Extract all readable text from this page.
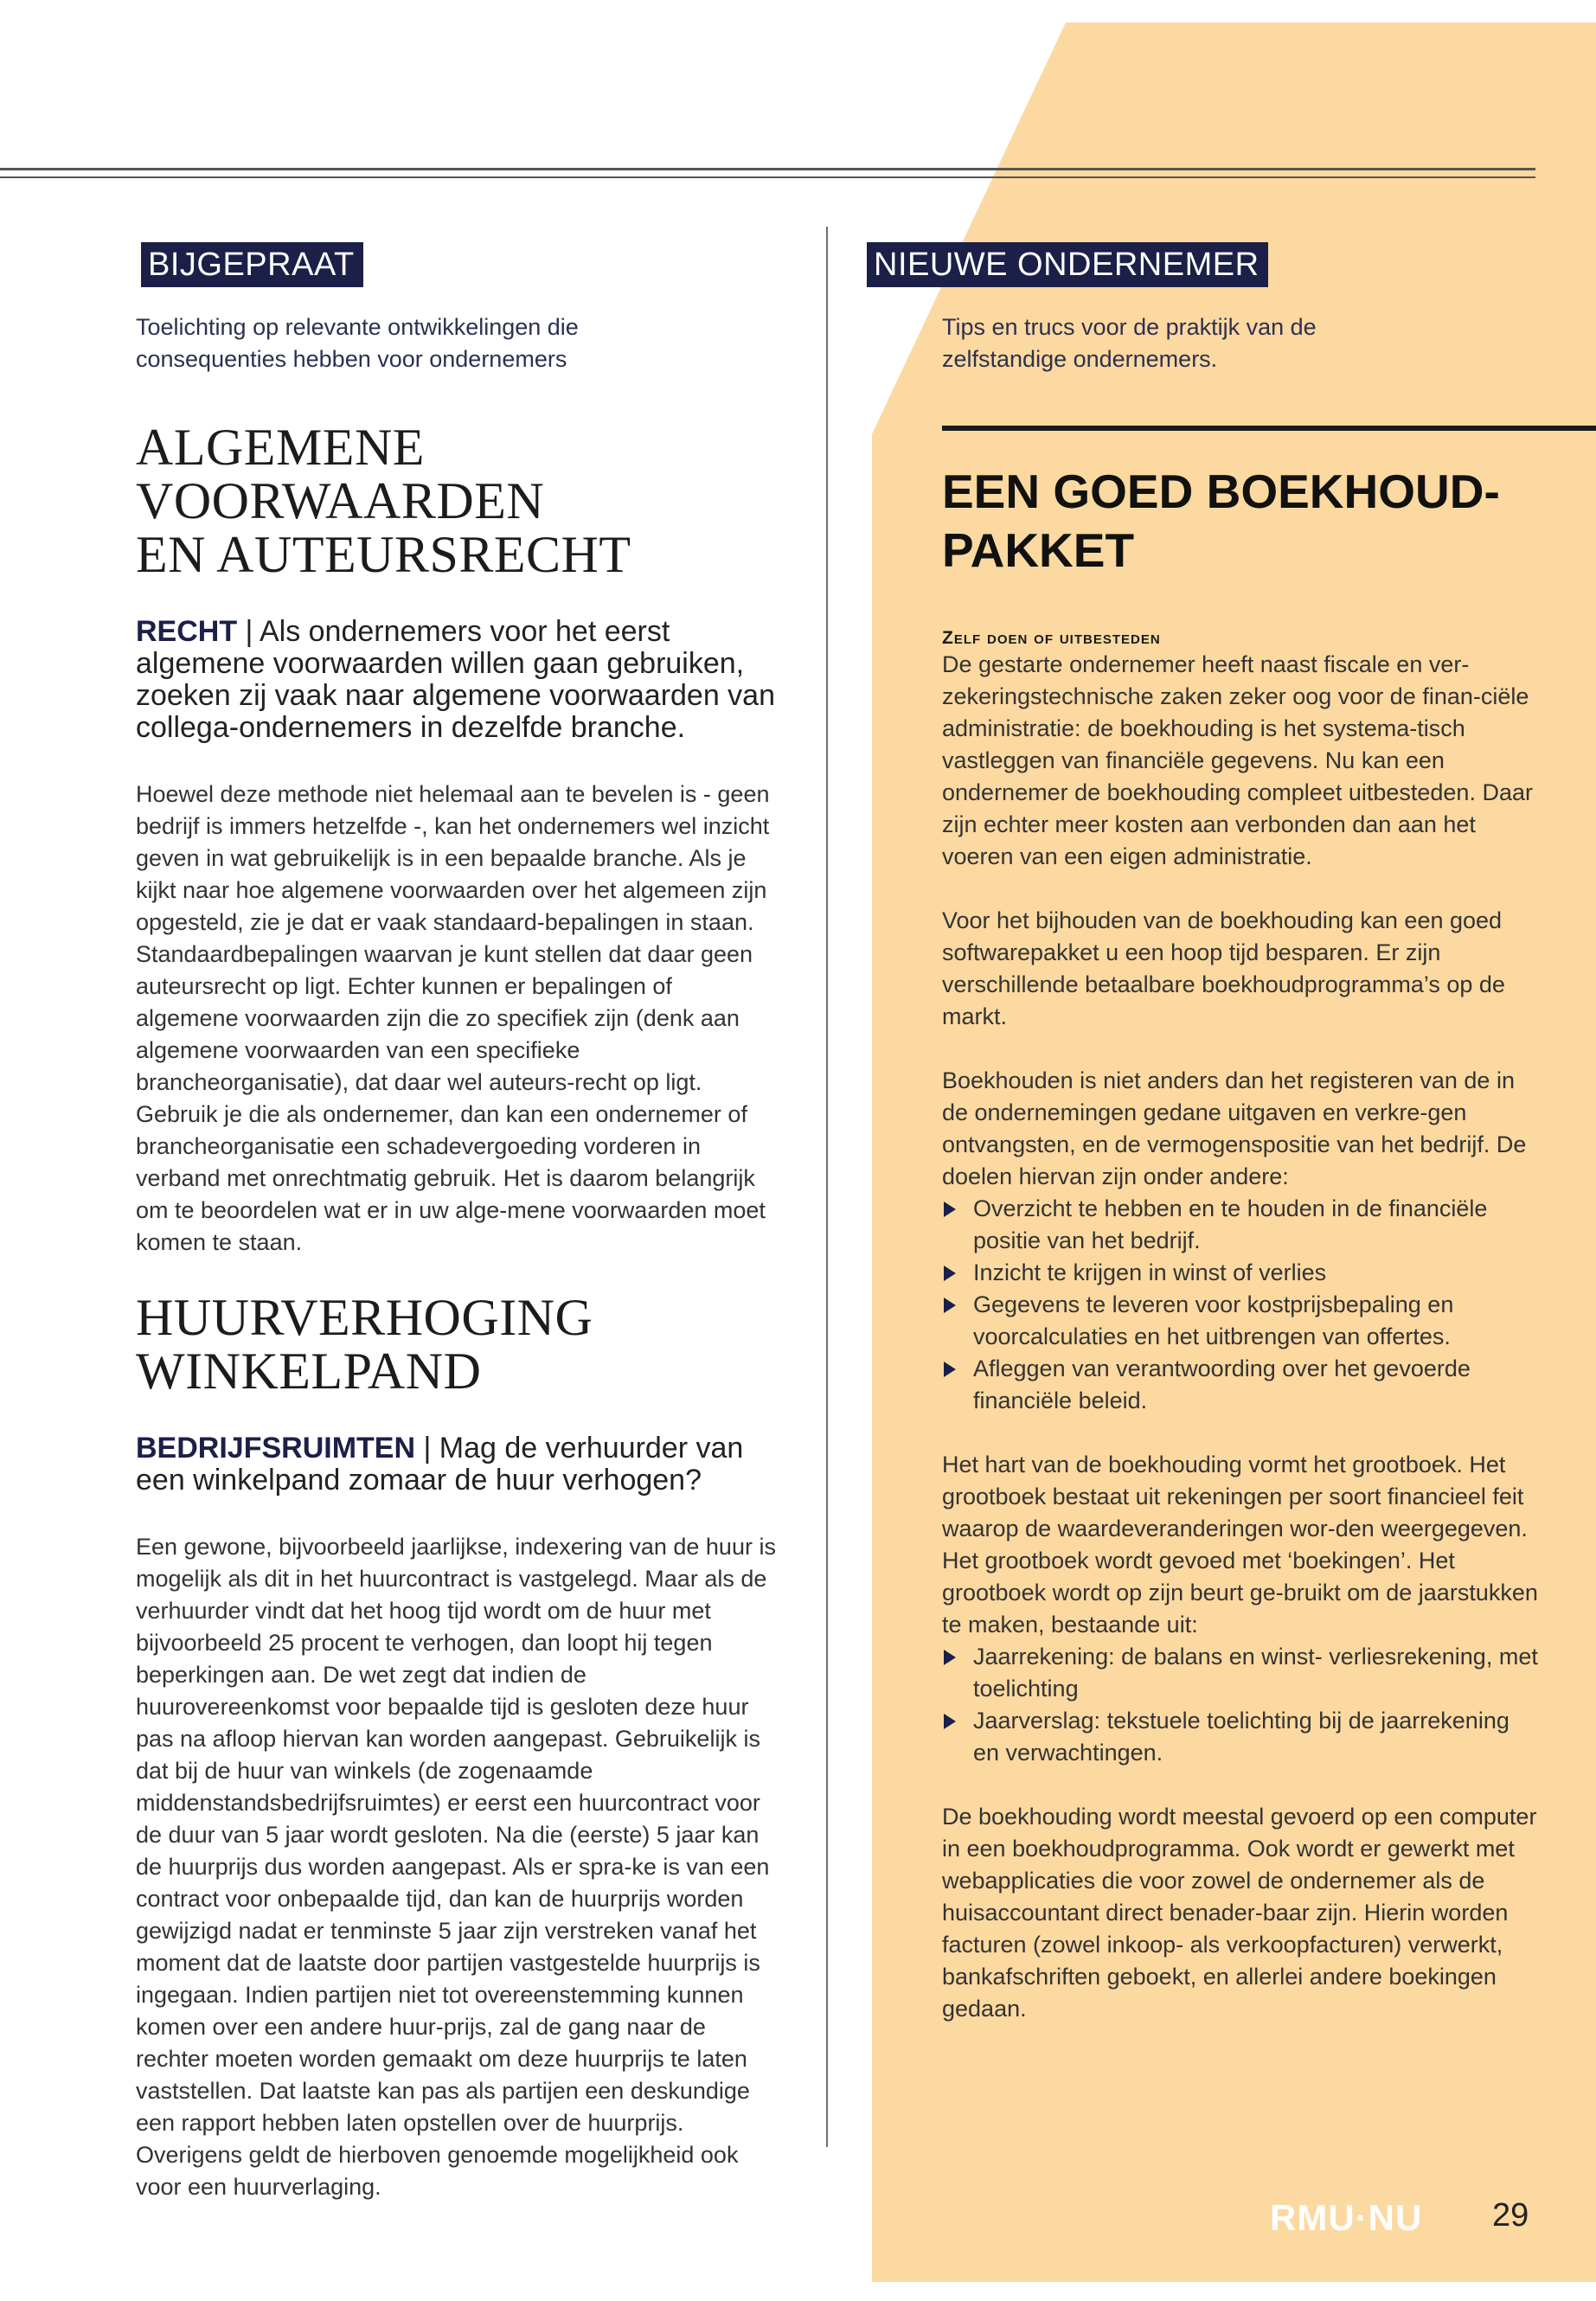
BIJGEPRAAT
Toelichting op relevante ontwikkelingen die
consequenties hebben voor ondernemers
ALGEMENE VOORWAARDEN
EN AUTEURSRECHT
RECHT | Als ondernemers voor het eerst algemene voorwaarden willen gaan gebruiken, zoeken zij vaak naar algemene voorwaarden van collega-ondernemers in dezelfde branche.

Hoewel deze methode niet helemaal aan te bevelen is - geen bedrijf is immers hetzelfde -, kan het ondernemers wel inzicht geven in wat gebruikelijk is in een bepaalde branche. Als je kijkt naar hoe algemene voorwaarden over het algemeen zijn opgesteld, zie je dat er vaak standaard-bepalingen in staan. Standaardbepalingen waarvan je kunt stellen dat daar geen auteursrecht op ligt. Echter kunnen er bepalingen of algemene voorwaarden zijn die zo specifiek zijn (denk aan algemene voorwaarden van een specifieke brancheorganisatie), dat daar wel auteurs-recht op ligt. Gebruik je die als ondernemer, dan kan een ondernemer of brancheorganisatie een schadevergoeding vorderen in verband met onrechtmatig gebruik. Het is daarom belangrijk om te beoordelen wat er in uw alge-mene voorwaarden moet komen te staan.

HUURVERHOGING
WINKELPAND
BEDRIJFSRUIMTEN | Mag de verhuurder van een winkelpand zomaar de huur verhogen?

Een gewone, bijvoorbeeld jaarlijkse, indexering van de huur is mogelijk als dit in het huurcontract is vastgelegd. Maar als de verhuurder vindt dat het hoog tijd wordt om de huur met bijvoorbeeld 25 procent te verhogen, dan loopt hij tegen beperkingen aan. De wet zegt dat indien de huurovereenkomst voor bepaalde tijd is gesloten deze huur pas na afloop hiervan kan worden aangepast. Gebruikelijk is dat bij de huur van winkels (de zogenaamde middenstandsbedrijfsruimtes) er eerst een huurcontract voor de duur van 5 jaar wordt gesloten. Na die (eerste) 5 jaar kan de huurprijs dus worden aangepast. Als er spra-ke is van een contract voor onbepaalde tijd, dan kan de huurprijs worden gewijzigd nadat er tenminste 5 jaar zijn verstreken vanaf het moment dat de laatste door partijen vastgestelde huurprijs is ingegaan. Indien partijen niet tot overeenstemming kunnen komen over een andere huur-prijs, zal de gang naar de rechter moeten worden gemaakt om deze huurprijs te laten vaststellen. Dat laatste kan pas als partijen een deskundige een rapport hebben laten opstellen over de huurprijs. Overigens geldt de hierboven genoemde mogelijkheid ook voor een huurverlaging.

NIEUWE ONDERNEMER
Tips en trucs voor de praktijk van de
zelfstandige ondernemers.
EEN GOED BOEKHOUD-
PAKKET
Zelf doen of uitbesteden

De gestarte ondernemer heeft naast fiscale en ver-zekeringstechnische zaken zeker oog voor de finan-ciële administratie: de boekhouding is het systema-tisch vastleggen van financiële gegevens. Nu kan een ondernemer de boekhouding compleet uitbesteden. Daar zijn echter meer kosten aan verbonden dan aan het voeren van een eigen administratie.

Voor het bijhouden van de boekhouding kan een goed softwarepakket u een hoop tijd besparen. Er zijn verschillende betaalbare boekhoudprogramma’s op de markt.

Boekhouden is niet anders dan het registeren van de in de ondernemingen gedane uitgaven en verkre-gen ontvangsten, en de vermogenspositie van het bedrijf. De doelen hiervan zijn onder andere:

Overzicht te hebben en te houden in de financiële positie van het bedrijf.
Inzicht te krijgen in winst of verlies
Gegevens te leveren voor kostprijsbepaling en voorcalculaties en het uitbrengen van offertes.
Afleggen van verantwoording over het gevoerde financiële beleid.

Het hart van de boekhouding vormt het grootboek. Het grootboek bestaat uit rekeningen per soort financieel feit waarop de waardeveranderingen wor-den weergegeven. Het grootboek wordt gevoed met ‘boekingen’. Het grootboek wordt op zijn beurt ge-bruikt om de jaarstukken te maken, bestaande uit:

Jaarrekening: de balans en winst- verliesrekening, met toelichting
Jaarverslag: tekstuele toelichting bij de jaarrekening en verwachtingen.

De boekhouding wordt meestal gevoerd op een computer in een boekhoudprogramma. Ook wordt er gewerkt met webapplicaties die voor zowel de ondernemer als de huisaccountant direct benader-baar zijn. Hierin worden facturen (zowel inkoop- als verkoopfacturen) verwerkt, bankafschriften geboekt, en allerlei andere boekingen gedaan.

RMU·NU 29
